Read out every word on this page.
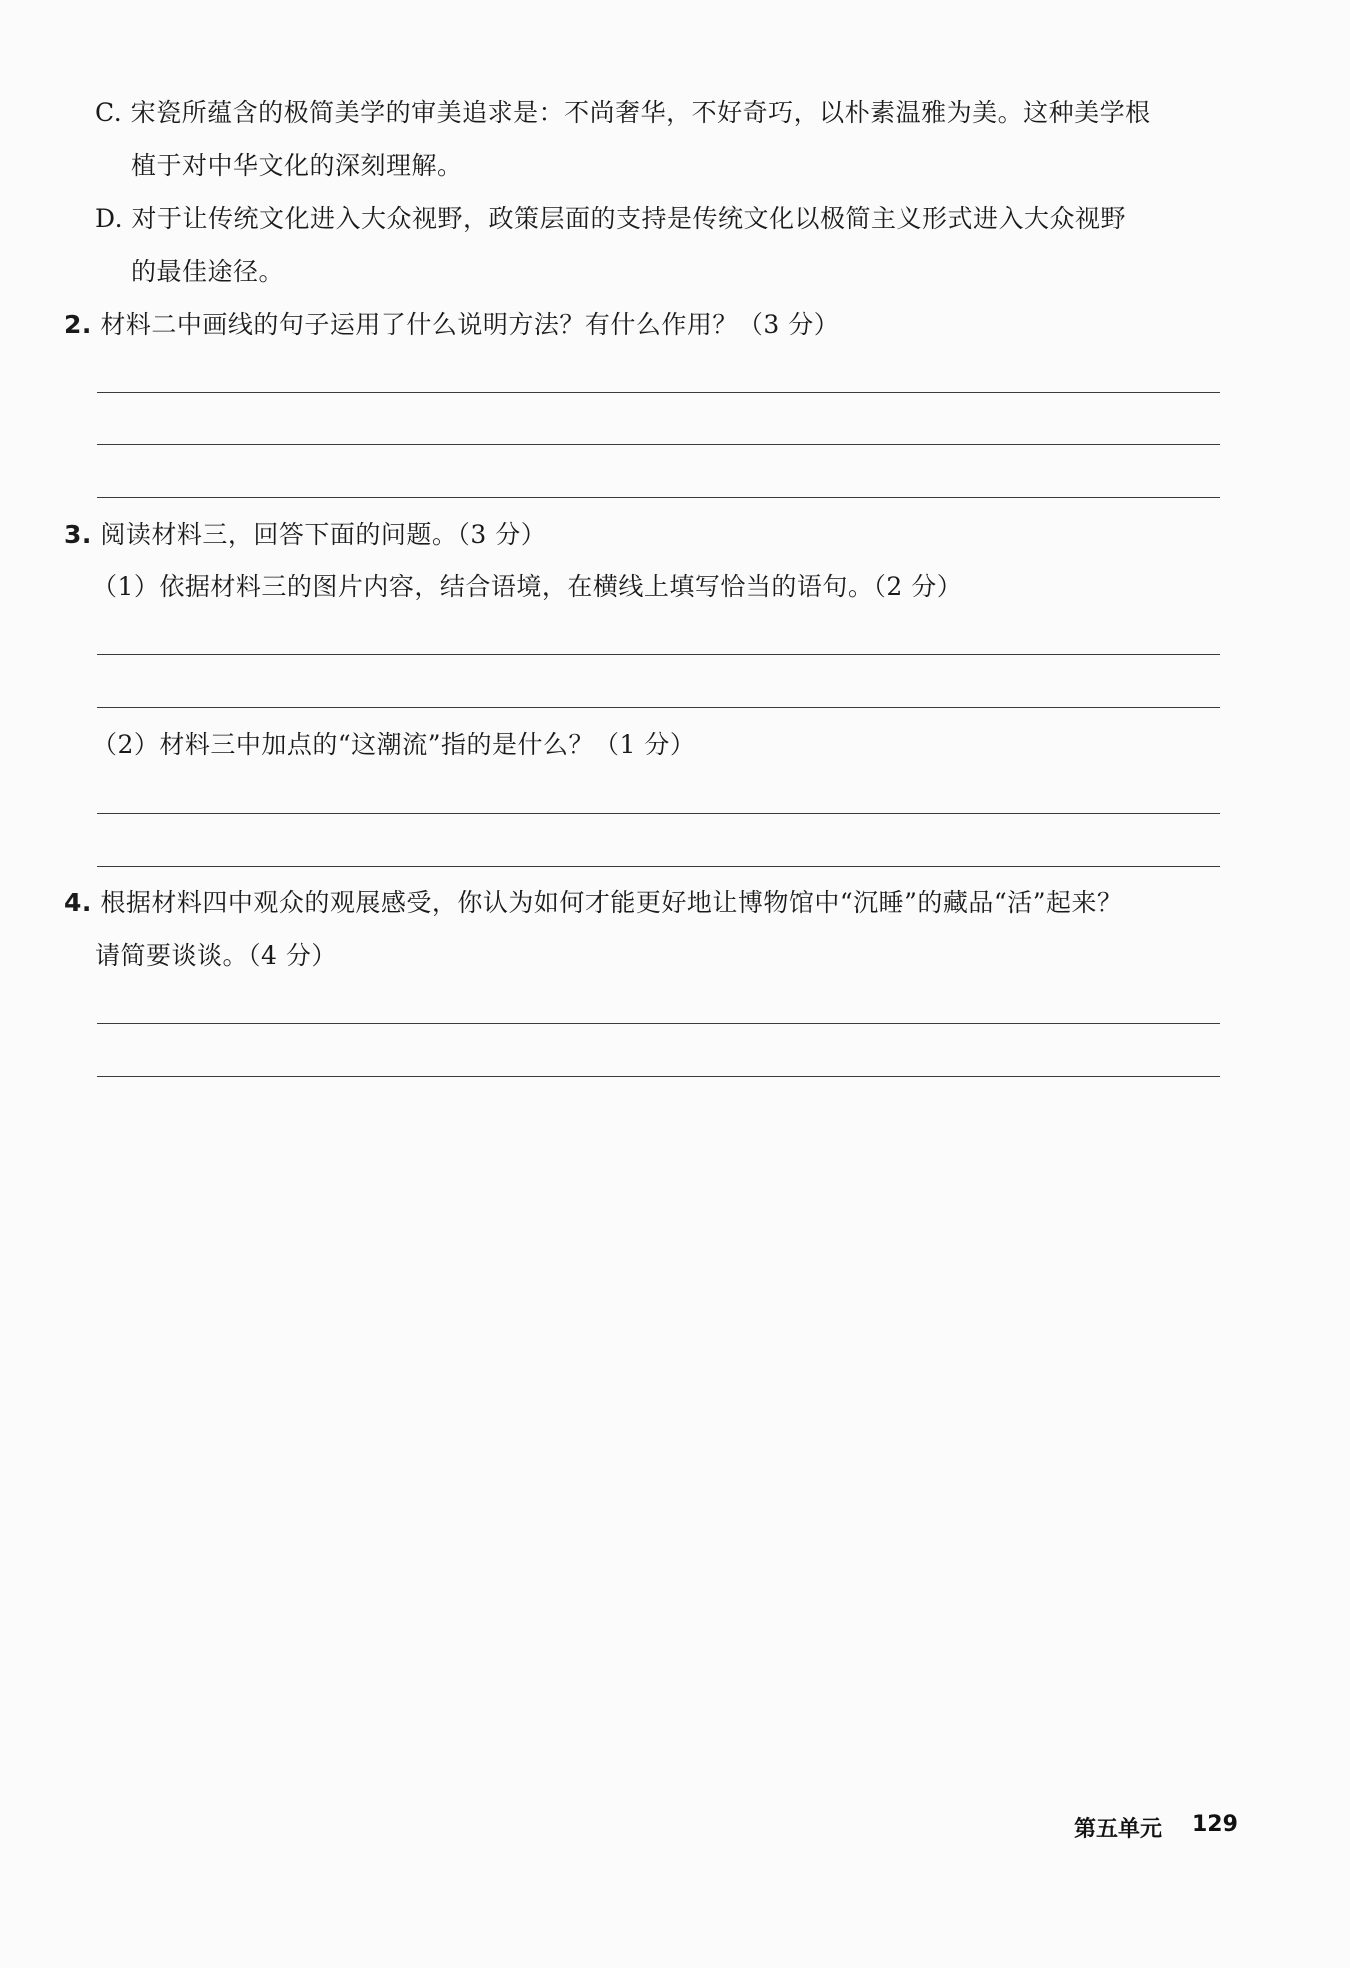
C. 宋瓷所蕴含的极简美学的审美追求是：不尚奢华，不好奇巧，以朴素温雅为美。这种美学根
植于对中华文化的深刻理解。
D. 对于让传统文化进入大众视野，政策层面的支持是传统文化以极简主义形式进入大众视野
的最佳途径。
2. 材料二中画线的句子运用了什么说明方法？有什么作用？（3 分）
3. 阅读材料三，回答下面的问题。（3 分）
（1）依据材料三的图片内容，结合语境，在横线上填写恰当的语句。（2 分）
（2）材料三中加点的“这潮流”指的是什么？（1 分）
4. 根据材料四中观众的观展感受，你认为如何才能更好地让博物馆中“沉睡”的藏品“活”起来？
请简要谈谈。（4 分）
第五单元 129
